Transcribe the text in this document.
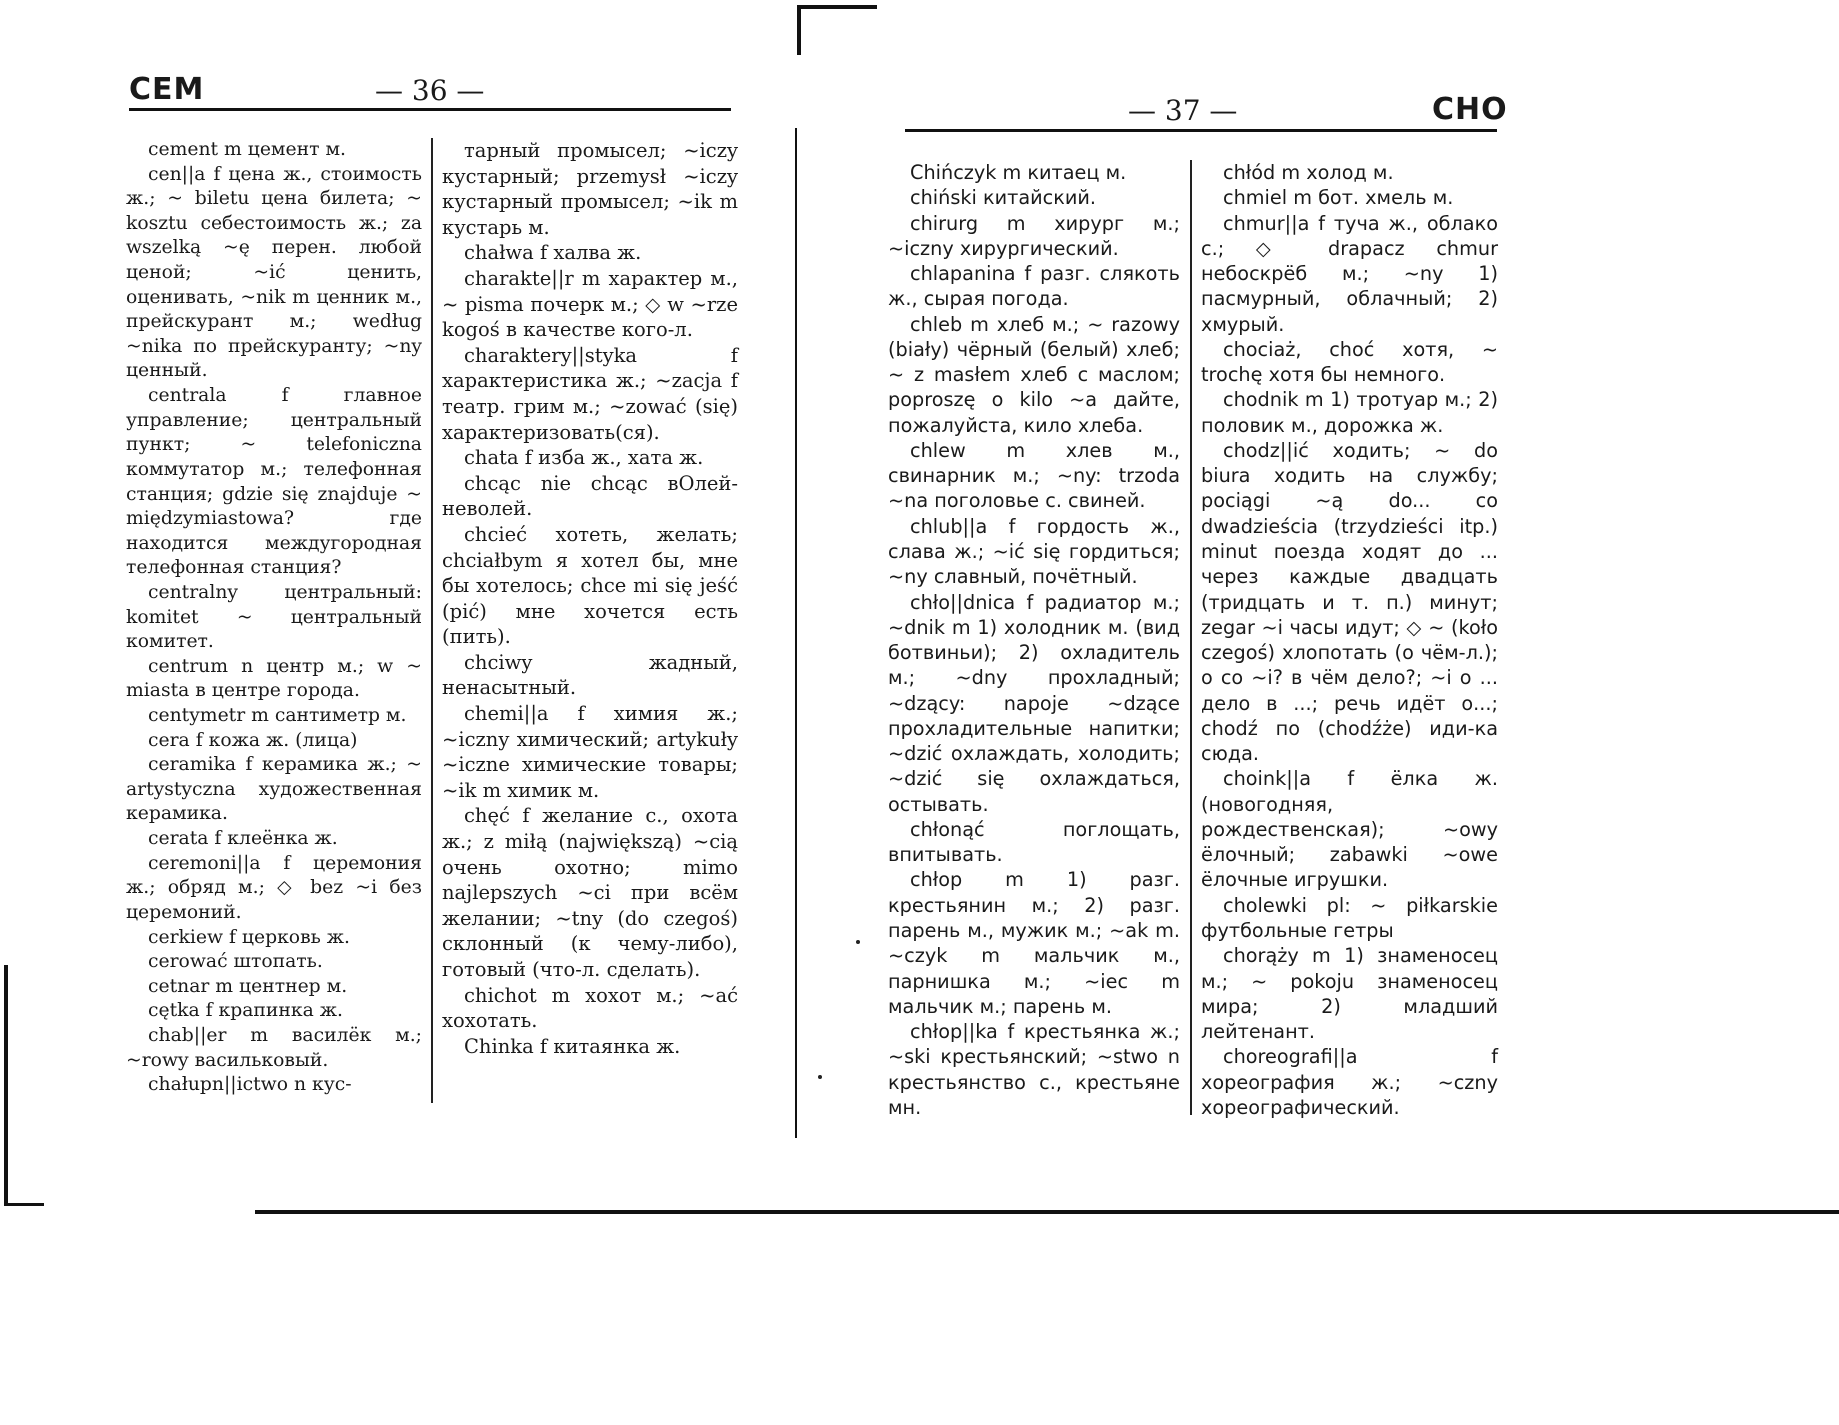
CEM	— 36 —

cement m цемент м.

cen||a f цена ж., стоимость ж.; ~ biletu цена билета; ~ kosztu себестоимость ж.; za wszelką ~ę перен. любой ценой; ~ić ценить, оценивать, ~nik m ценник м., прейскурант м.; według ~nika по прейскуранту; ~ny ценный.

centrala f главное управление; центральный пункт; ~ telefoniczna коммутатор м.; телефонная станция; gdzie się znajduje ~ międzymiastowa? где находится междугородная телефонная станция?

centralny центральный: komitet ~ центральный комитет.

centrum n центр м.; w ~ miasta в центре города.

centymetr m сантиметр м.

cera f кожа ж. (лица)

ceramika f керамика ж.; ~ artystyczna художественная керамика.

cerata f клеёнка ж.

ceremoni||a f церемония ж.; обряд м.; ◇ bez ~i без церемоний.

cerkiew f церковь ж.

cerować штопать.

cetnar m центнер м.

cętka f крапинка ж.

chab||er m василёк м.; ~rowy васильковый.

chałupn||ictwo n кус-

тарный промысел; ~iczy кустарный; przemysł ~iczy кустарный промысел; ~ik m кустарь м.

chałwa f халва ж.

charakte||r m характер м., ~ pisma почерк м.; ◇ w ~rze kogoś в качестве кого-л.

charaktery||styka f характеристика ж.; ~zacja f театр. грим м.; ~zować (się) характеризовать(ся).

chata f изба ж., хата ж.

chcąc nie chcąc вОлей-неволей.

chcieć хотеть, желать; chciałbym я хотел бы, мне бы хотелось; chce mi się jeść (pić) мне хочется есть (пить).

chciwy жадный, ненасытный.

chemi||a f химия ж.; ~iczny химический; artykuły ~iczne химические товары; ~ik m химик м.

chęć f желание с., охота ж.; z miłą (największą) ~cią очень охотно; mimo najlepszych ~ci при всём желании; ~tny (do czegoś) склонный (к чему-либо), готовый (что-л. сделать).

chichot m хохот м.; ~ać хохотать.

Chinka f китаянка ж.

— 37 —	CHO

Chińczyk m китаец м.

chiński китайский.

chirurg m хирург м.; ~iczny хирургический.

chlapanina f разг. слякоть ж., сырая погода.

chleb m хлеб м.; ~ razowy (biały) чёрный (белый) хлеб; ~ z masłem хлеб с маслом; poproszę o kilo ~a дайте, пожалуйста, кило хлеба.

chlew m хлев м., свинарник м.; ~ny: trzoda ~na поголовье с. свиней.

chlub||a f гордость ж., слава ж.; ~ić się гордиться; ~ny славный, почётный.

chło||dnica f радиатор м.; ~dnik m 1) холодник м. (вид ботвиньи); 2) охладитель м.; ~dny прохладный; ~dzący: napoje ~dzące прохладительные напитки; ~dzić охлаждать, холодить; ~dzić się охлаждаться, остывать.

chłonąć поглощать, впитывать.

chłop m 1) разг. крестьянин м.; 2) разг. парень м., мужик м.; ~ak m. ~czyk m мальчик м., парнишка м.; ~iec m мальчик м.; парень м.

chłop||ka f крестьянка ж.; ~ski крестьянский; ~stwo n крестьянство с., крестьяне мн.

chłód m холод м.

chmiel m бот. хмель м.

chmur||a f туча ж., облако с.; ◇ drapacz chmur небоскрёб м.; ~ny 1) пасмурный, облачный; 2) хмурый.

chociaż, choć хотя, ~ trochę хотя бы немного.

chodnik m 1) тротуар м.; 2) половик м., дорожка ж.

chodz||ić ходить; ~ do biura ходить на службу; pociągi ~ą do... co dwadzieścia (trzydzieści itp.) minut поезда ходят до ... через каждые двадцать (тридцать и т. п.) минут; zegar ~i часы идут; ◇ ~ (koło czegoś) хлопотать (о чём-л.); o co ~i? в чём дело?; ~i o ... дело в ...; речь идёт о...; chodź по (chodźże) иди-ка сюда.

choink||a f ёлка ж. (новогодняя, рождественская); ~owy ёлочный; zabawki ~owe ёлочные игрушки.

cholewki pl: ~ piłkarskie футбольные гетры

chorąży m 1) знаменосец м.; ~ pokoju знаменосец мира; 2) младший лейтенант.

choreografi||a f хореография ж.; ~czny хореографический.
